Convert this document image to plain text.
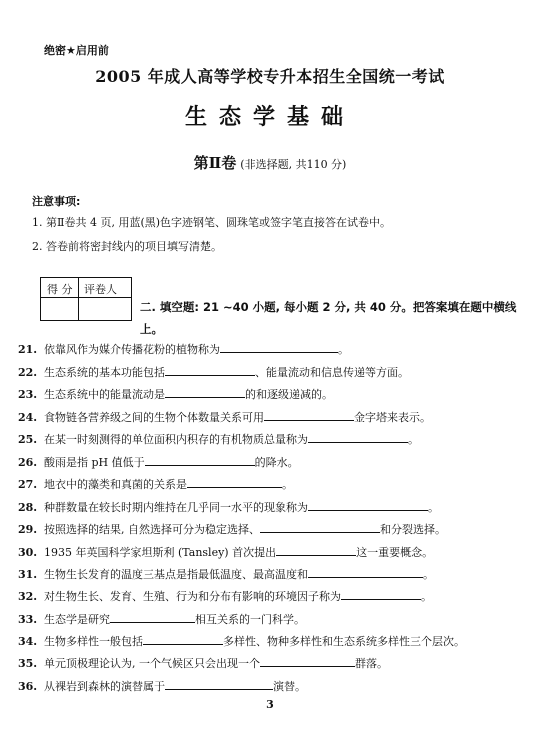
绝密★启用前
2005 年成人高等学校专升本招生全国统一考试
生态学基础
第Ⅱ卷 (非选择题, 共110 分)
注意事项:
1. 第Ⅱ卷共 4 页, 用蓝(黑)色字迹钢笔、圆珠笔或签字笔直接答在试卷中。
2. 答卷前将密封线内的项目填写清楚。
得 分 评卷人
二. 填空题: 21 ~40 小题, 每小题 2 分, 共 40 分。把答案填在题中横线上。
21. 依靠风作为媒介传播花粉的植物称为	。
22. 生态系统的基本功能包括	、能量流动和信息传递等方面。
23. 生态系统中的能量流动是	的和逐级递减的。
24. 食物链各营养级之间的生物个体数量关系可用	金字塔来表示。
25. 在某一时刻测得的单位面积内积存的有机物质总量称为	。
26. 酸雨是指 pH 值低于	的降水。
27. 地衣中的藻类和真菌的关系是	。
28. 种群数量在较长时期内维持在几乎同一水平的现象称为	。
29. 按照选择的结果, 自然选择可分为稳定选择、	和分裂选择。
30. 1935 年英国科学家坦斯利 (Tansley) 首次提出	这一重要概念。
31. 生物生长发育的温度三基点是指最低温度、最高温度和	。
32. 对生物生长、发育、生殖、行为和分布有影响的环境因子称为	。
33. 生态学是研究	相互关系的一门科学。
34. 生物多样性一般包括	多样性、物种多样性和生态系统多样性三个层次。
35. 单元顶极理论认为, 一个气候区只会出现一个	群落。
36. 从裸岩到森林的演替属于	演替。
3
